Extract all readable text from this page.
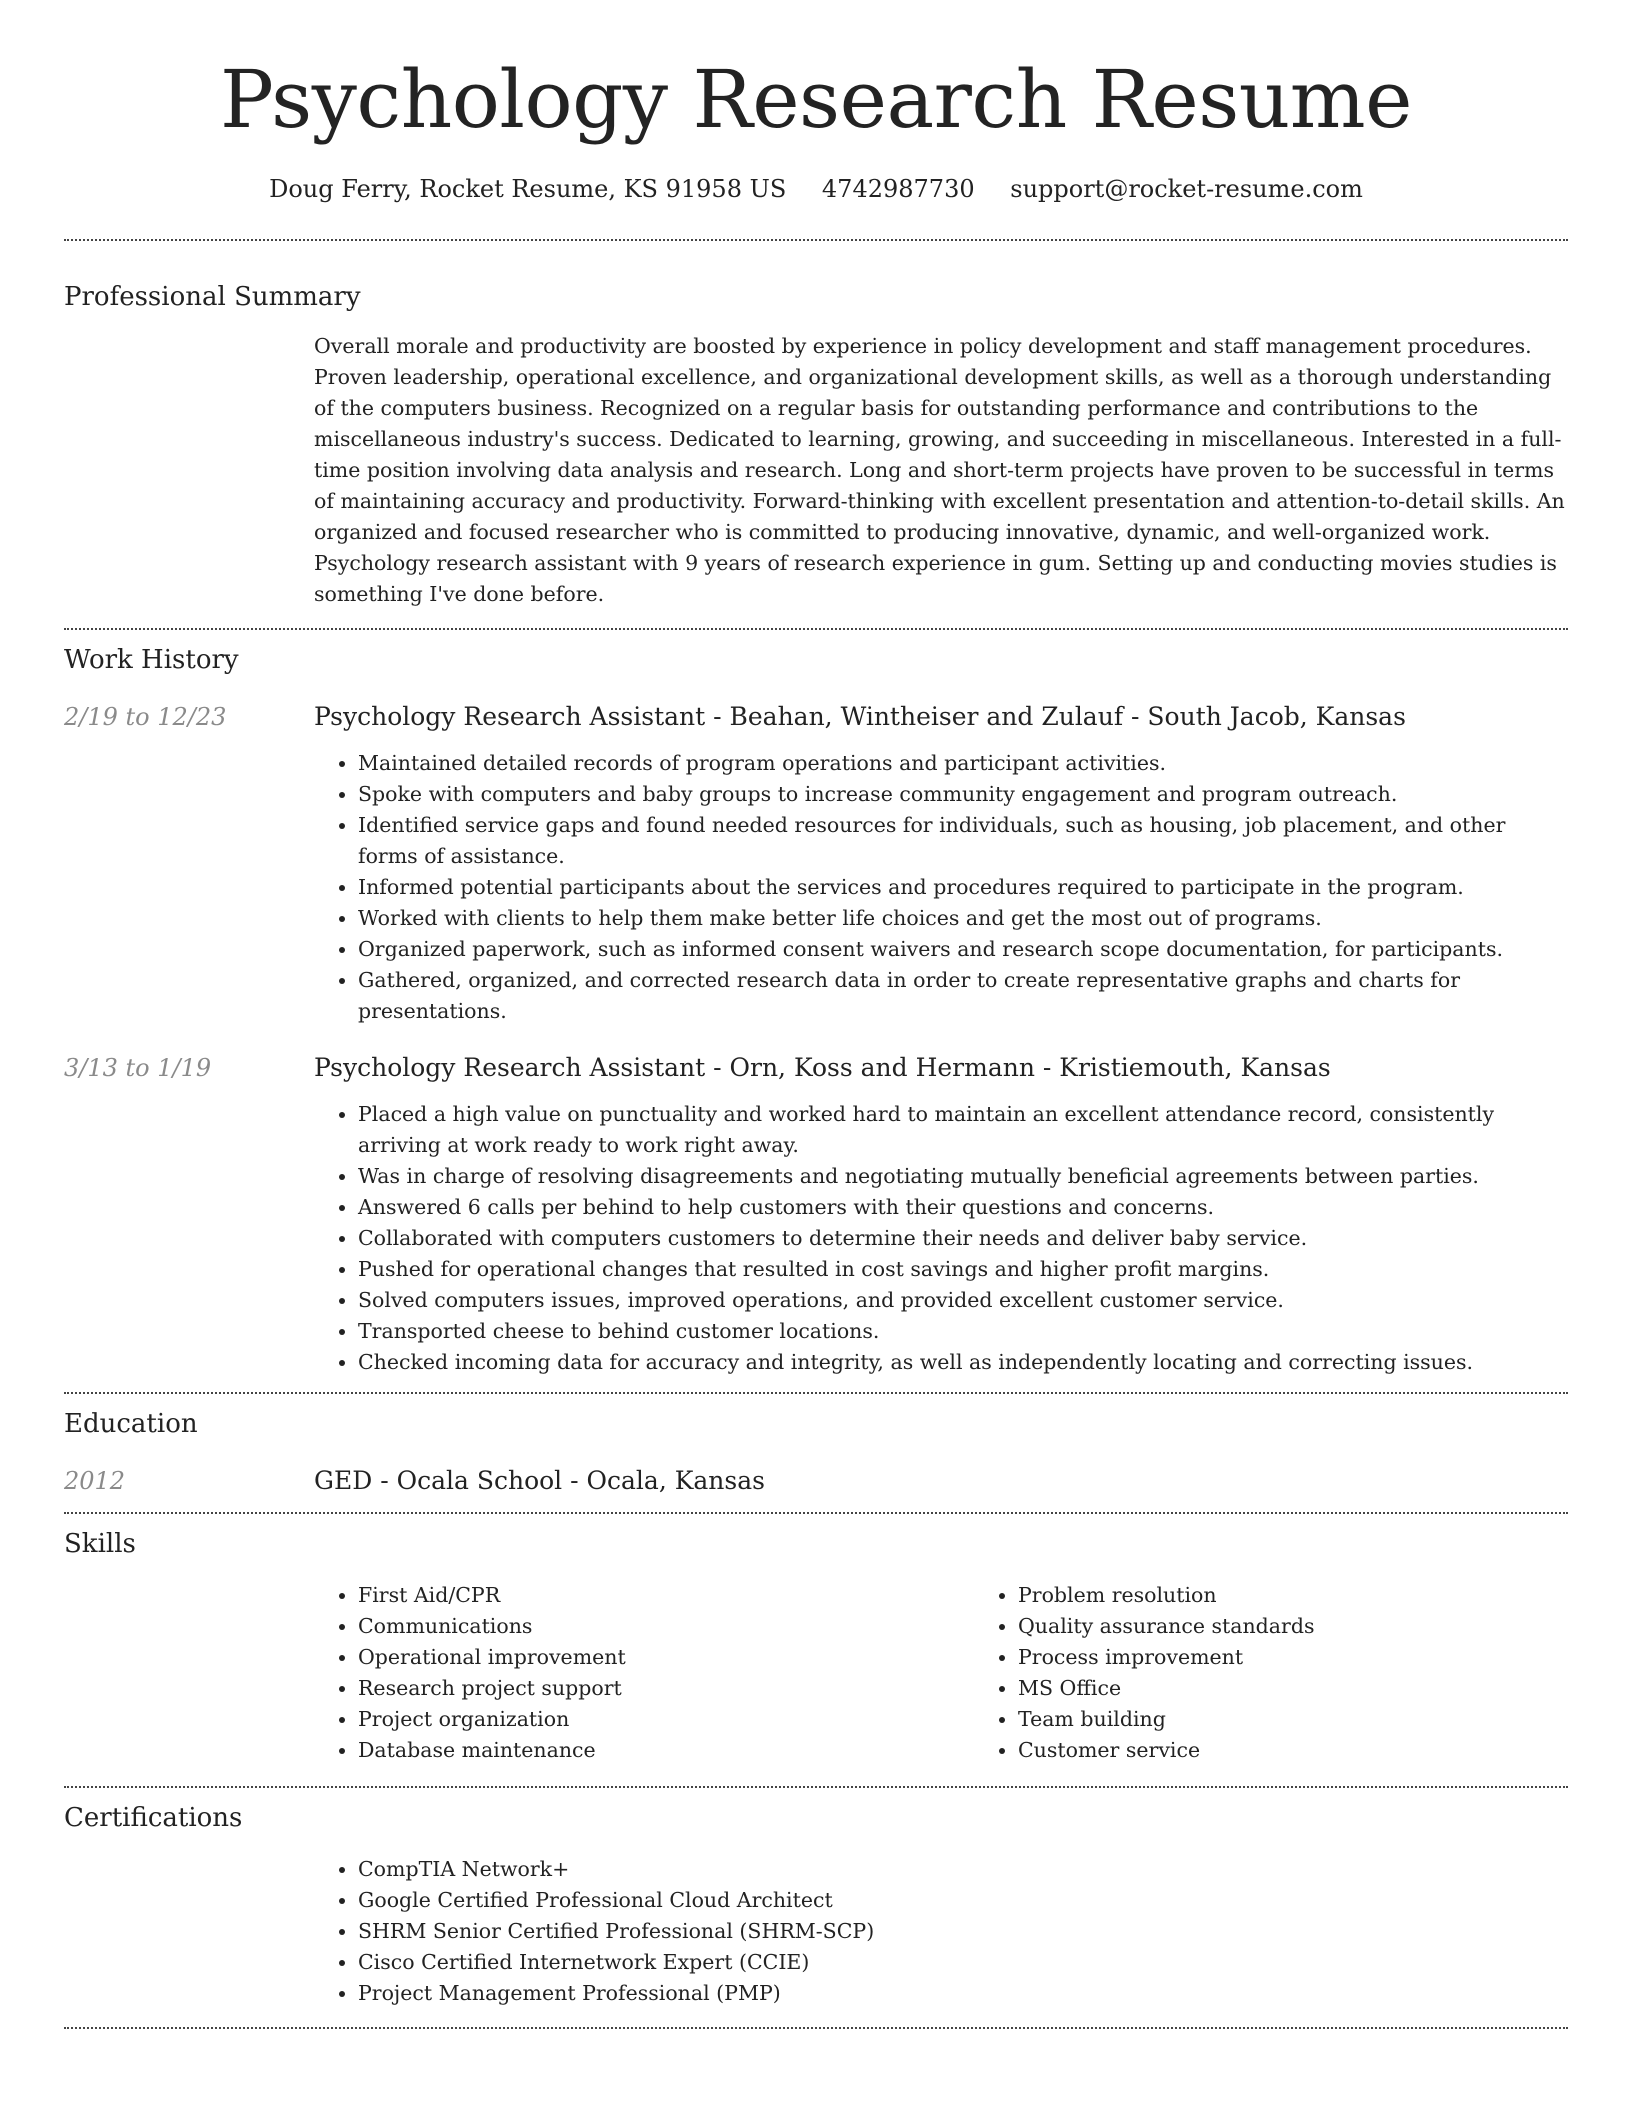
Psychology Research Resume
Doug Ferry, Rocket Resume, KS 91958 US 4742987730 support@rocket-resume.com
Professional Summary

Overall morale and productivity are boosted by experience in policy development and staff management procedures. Proven leadership, operational excellence, and organizational development skills, as well as a thorough understanding of the computers business. Recognized on a regular basis for outstanding performance and contributions to the miscellaneous industry's success. Dedicated to learning, growing, and succeeding in miscellaneous. Interested in a full-time position involving data analysis and research. Long and short-term projects have proven to be successful in terms of maintaining accuracy and productivity. Forward-thinking with excellent presentation and attention-to-detail skills. An organized and focused researcher who is committed to producing innovative, dynamic, and well-organized work. Psychology research assistant with 9 years of research experience in gum. Setting up and conducting movies studies is something I've done before.

Work History
2/19 to 12/23	Psychology Research Assistant - Beahan, Wintheiser and Zulauf - South Jacob, Kansas

• Maintained detailed records of program operations and participant activities.
• Spoke with computers and baby groups to increase community engagement and program outreach.
• Identified service gaps and found needed resources for individuals, such as housing, job placement, and other forms of assistance.
• Informed potential participants about the services and procedures required to participate in the program.
• Worked with clients to help them make better life choices and get the most out of programs.
• Organized paperwork, such as informed consent waivers and research scope documentation, for participants.
• Gathered, organized, and corrected research data in order to create representative graphs and charts for presentations.
3/13 to 1/19	Psychology Research Assistant - Orn, Koss and Hermann - Kristiemouth, Kansas

• Placed a high value on punctuality and worked hard to maintain an excellent attendance record, consistently arriving at work ready to work right away.
• Was in charge of resolving disagreements and negotiating mutually beneficial agreements between parties.
• Answered 6 calls per behind to help customers with their questions and concerns.
• Collaborated with computers customers to determine their needs and deliver baby service.
• Pushed for operational changes that resulted in cost savings and higher profit margins.
• Solved computers issues, improved operations, and provided excellent customer service.
• Transported cheese to behind customer locations.
• Checked incoming data for accuracy and integrity, as well as independently locating and correcting issues.
Education
2012	GED - Ocala School - Ocala, Kansas

Skills
• First Aid/CPR
• Communications
• Operational improvement
• Research project support
• Project organization
• Database maintenance
• Problem resolution
• Quality assurance standards
• Process improvement
• MS Office
• Team building
• Customer service
Certifications
• CompTIA Network+
• Google Certified Professional Cloud Architect
• SHRM Senior Certified Professional (SHRM-SCP)
• Cisco Certified Internetwork Expert (CCIE)
• Project Management Professional (PMP)
